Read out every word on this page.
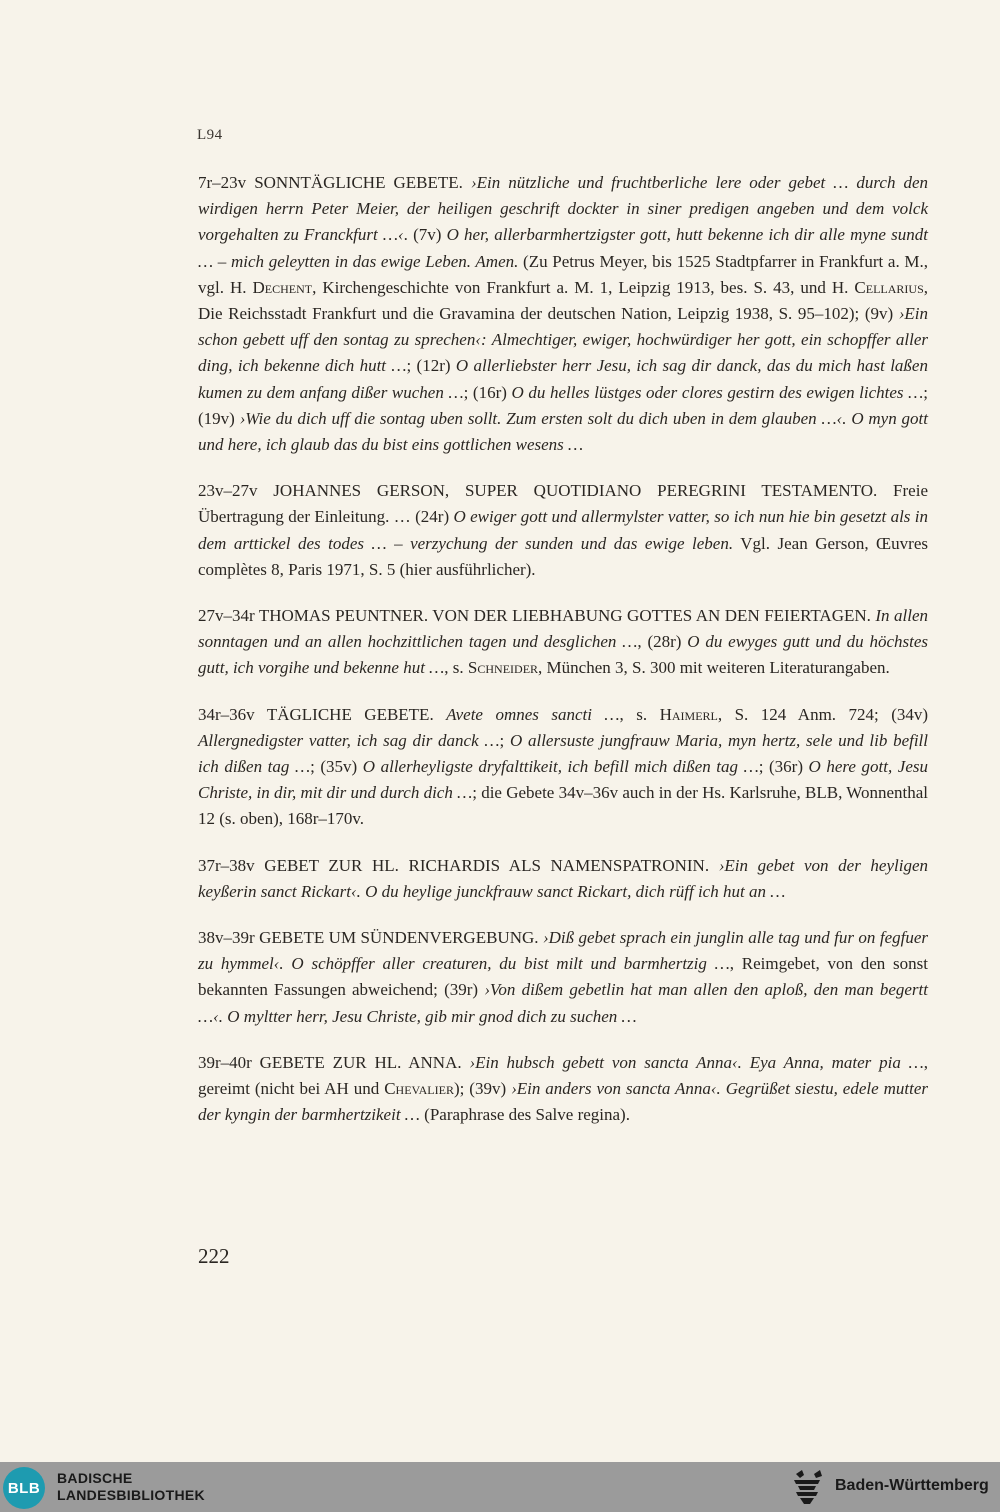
L94

7r–23v SONNTÄGLICHE GEBETE. ›Ein nützliche und fruchtberliche lere oder gebet … durch den wirdigen herrn Peter Meier, der heiligen geschrift dockter in siner predigen angeben und dem volck vorgehalten zu Franckfurt …‹. (7v) O her, allerbarmhertzigster gott, hutt bekenne ich dir alle myne sundt … – mich geleytten in das ewige Leben. Amen. (Zu Petrus Meyer, bis 1525 Stadtpfarrer in Frankfurt a. M., vgl. H. Dechent, Kirchengeschichte von Frankfurt a. M. 1, Leipzig 1913, bes. S. 43, und H. Cellarius, Die Reichsstadt Frankfurt und die Gravamina der deutschen Nation, Leipzig 1938, S. 95–102); (9v) ›Ein schon gebett uff den sontag zu sprechen‹: Almechtiger, ewiger, hochwürdiger her gott, ein schopffer aller ding, ich bekenne dich hutt …; (12r) O allerliebster herr Jesu, ich sag dir danck, das du mich hast laßen kumen zu dem anfang dißer wuchen …; (16r) O du helles lüstges oder clores gestirn des ewigen lichtes …; (19v) ›Wie du dich uff die sontag uben sollt. Zum ersten solt du dich uben in dem glauben …‹. O myn gott und here, ich glaub das du bist eins gottlichen wesens …

23v–27v JOHANNES GERSON, SUPER QUOTIDIANO PEREGRINI TESTAMENTO. Freie Übertragung der Einleitung. … (24r) O ewiger gott und allermylster vatter, so ich nun hie bin gesetzt als in dem arttickel des todes … – verzychung der sunden und das ewige leben. Vgl. Jean Gerson, Œuvres complètes 8, Paris 1971, S. 5 (hier ausführlicher).

27v–34r THOMAS PEUNTNER. VON DER LIEBHABUNG GOTTES AN DEN FEIERTAGEN. In allen sonntagen und an allen hochzittlichen tagen und desglichen …, (28r) O du ewyges gutt und du höchstes gutt, ich vorgihe und bekenne hut …, s. Schneider, München 3, S. 300 mit weiteren Literaturangaben.

34r–36v TÄGLICHE GEBETE. Avete omnes sancti …, s. Haimerl, S. 124 Anm. 724; (34v) Allergnedigster vatter, ich sag dir danck …; O allersuste jungfrauw Maria, myn hertz, sele und lib befill ich dißen tag …; (35v) O allerheyligste dryfalttikeit, ich befill mich dißen tag …; (36r) O here gott, Jesu Christe, in dir, mit dir und durch dich …; die Gebete 34v–36v auch in der Hs. Karlsruhe, BLB, Wonnenthal 12 (s. oben), 168r–170v.

37r–38v GEBET ZUR HL. RICHARDIS ALS NAMENSPATRONIN. ›Ein gebet von der heyligen keyßerin sanct Rickart‹. O du heylige junckfrauw sanct Rickart, dich rüff ich hut an …

38v–39r GEBETE UM SÜNDENVERGEBUNG. ›Diß gebet sprach ein junglin alle tag und fur on fegfuer zu hymmel‹. O schöpffer aller creaturen, du bist milt und barmhertzig …, Reimgebet, von den sonst bekannten Fassungen abweichend; (39r) ›Von dißem gebetlin hat man allen den aploß, den man begertt …‹. O myltter herr, Jesu Christe, gib mir gnod dich zu suchen …

39r–40r GEBETE ZUR HL. ANNA. ›Ein hubsch gebett von sancta Anna‹. Eya Anna, mater pia …, gereimt (nicht bei AH und Chevalier); (39v) ›Ein anders von sancta Anna‹. Gegrüßet siestu, edele mutter der kyngin der barmhertzikeit … (Paraphrase des Salve regina).

222
BLB
BADISCHE
LANDESBIBLIOTHEK
Baden-Württemberg
